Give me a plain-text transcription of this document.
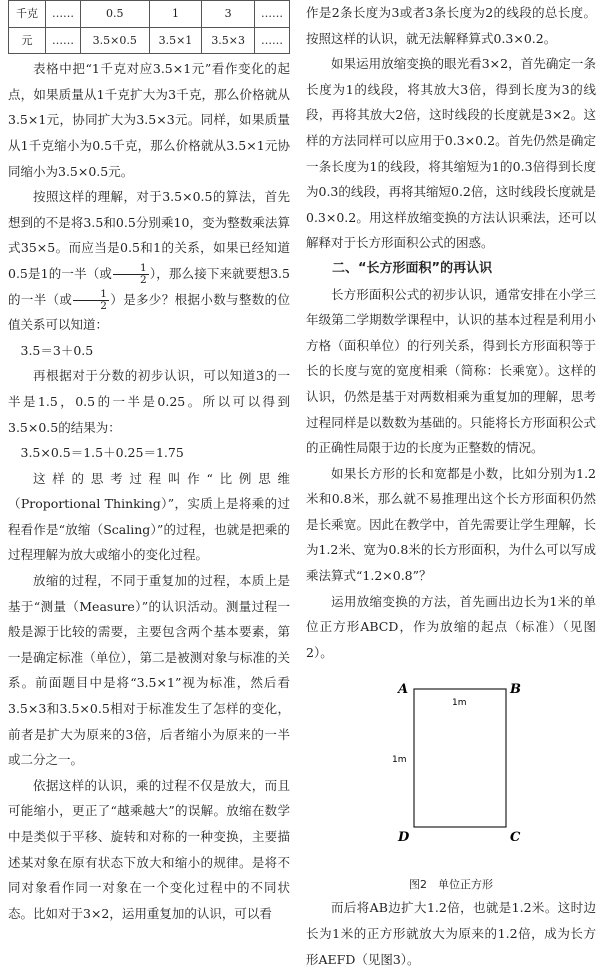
千克	……	0.5	1	3	……
元	……	3.5×0.5	3.5×1	3.5×3	……

表格中把“1千克对应3.5×1元”看作变化的起点，如果质量从1千克扩大为3千克，那么价格就从3.5×1元，协同扩大为3.5×3元。同样，如果质量从1千克缩小为0.5千克，那么价格就从3.5×1元协同缩小为3.5×0.5元。

按照这样的理解，对于3.5×0.5的算法，首先想到的不是将3.5和0.5分别乘10，变为整数乘法算式35×5。而应当是0.5和1的关系，如果已经知道0.5是1的一半（或 $\frac{1}{2}$ ），那么接下来就要想3.5的一半（或 $\frac{1}{2}$ ）是多少？根据小数与整数的位值关系可以知道：

3.5＝3＋0.5

再根据对于分数的初步认识，可以知道3的一半是1.5，0.5的一半是0.25。所以可以得到3.5×0.5的结果为：

3.5×0.5＝1.5＋0.25＝1.75

这样的思考过程叫作“比例思维（Proportional Thinking）”，实质上是将乘的过程看作是“放缩（Scaling）”的过程，也就是把乘的过程理解为放大或缩小的变化过程。

放缩的过程，不同于重复加的过程，本质上是基于“测量（Measure）”的认识活动。测量过程一般是源于比较的需要，主要包含两个基本要素，第一是确定标准（单位），第二是被测对象与标准的关系。前面题目中是将“3.5×1”视为标准，然后看3.5×3和3.5×0.5相对于标准发生了怎样的变化，前者是扩大为原来的3倍，后者缩小为原来的一半或二分之一。

依据这样的认识，乘的过程不仅是放大，而且可能缩小，更正了“越乘越大”的误解。放缩在数学中是类似于平移、旋转和对称的一种变换，主要描述某对象在原有状态下放大和缩小的规律。是将不同对象看作同一对象在一个变化过程中的不同状态。比如对于3×2，运用重复加的认识，可以看

作是2条长度为3或者3条长度为2的线段的总长度。按照这样的认识，就无法解释算式0.3×0.2。

如果运用放缩变换的眼光看3×2，首先确定一条长度为1的线段，将其放大3倍，得到长度为3的线段，再将其放大2倍，这时线段的长度就是3×2。这样的方法同样可以应用于0.3×0.2。首先仍然是确定一条长度为1的线段，将其缩短为1的0.3倍得到长度为0.3的线段，再将其缩短0.2倍，这时线段长度就是0.3×0.2。用这样放缩变换的方法认识乘法，还可以解释对于长方形面积公式的困惑。

二、“长方形面积”的再认识

长方形面积公式的初步认识，通常安排在小学三年级第二学期数学课程中，认识的基本过程是利用小方格（面积单位）的行列关系，得到长方形面积等于长的长度与宽的宽度相乘（简称：长乘宽）。这样的认识，仍然是基于对两数相乘为重复加的理解，思考过程同样是以数数为基础的。只能将长方形面积公式的正确性局限于边的长度为正整数的情况。

如果长方形的长和宽都是小数，比如分别为1.2米和0.8米，那么就不易推理出这个长方形面积仍然是长乘宽。因此在教学中，首先需要让学生理解，长为1.2米、宽为0.8米的长方形面积，为什么可以写成乘法算式“1.2×0.8”？

运用放缩变换的方法，首先画出边长为1米的单位正方形ABCD，作为放缩的起点（标准）（见图2）。

A	B
C
D
1m
1m
图2　单位正方形

而后将AB边扩大1.2倍，也就是1.2米。这时边长为1米的正方形就放大为原来的1.2倍，成为长方形AEFD（见图3）。
